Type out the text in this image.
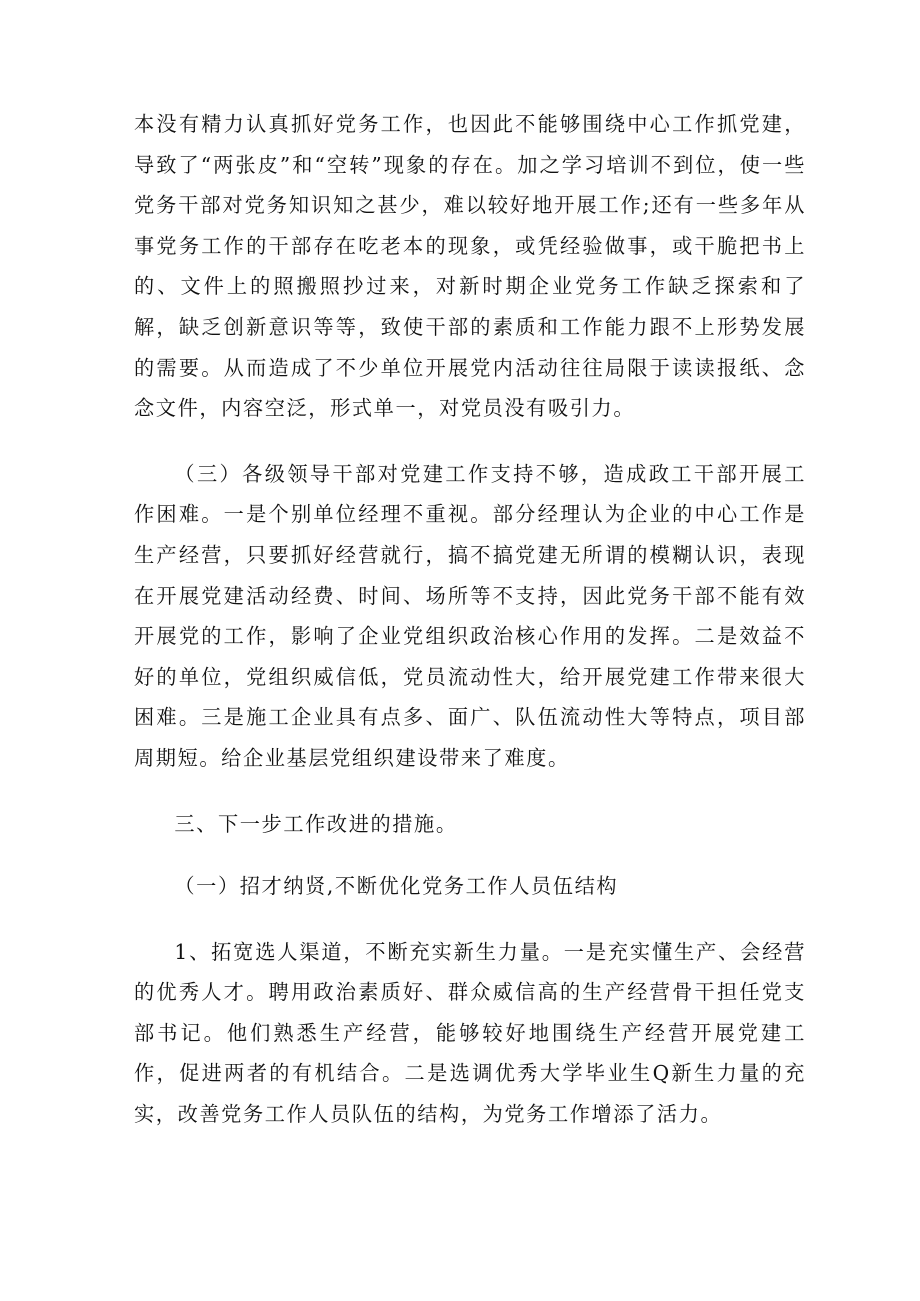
本没有精力认真抓好党务工作，也因此不能够围绕中心工作抓党建，导致了“两张皮”和“空转”现象的存在。加之学习培训不到位，使一些党务干部对党务知识知之甚少，难以较好地开展工作;还有一些多年从事党务工作的干部存在吃老本的现象，或凭经验做事，或干脆把书上的、文件上的照搬照抄过来，对新时期企业党务工作缺乏探索和了解，缺乏创新意识等等，致使干部的素质和工作能力跟不上形势发展的需要。从而造成了不少单位开展党内活动往往局限于读读报纸、念念文件，内容空泛，形式单一，对党员没有吸引力。

（三）各级领导干部对党建工作支持不够，造成政工干部开展工作困难。一是个别单位经理不重视。部分经理认为企业的中心工作是生产经营，只要抓好经营就行，搞不搞党建无所谓的模糊认识，表现在开展党建活动经费、时间、场所等不支持，因此党务干部不能有效开展党的工作，影响了企业党组织政治核心作用的发挥。二是效益不好的单位，党组织威信低，党员流动性大，给开展党建工作带来很大困难。三是施工企业具有点多、面广、队伍流动性大等特点，项目部周期短。给企业基层党组织建设带来了难度。

三、下一步工作改进的措施。

（一）招才纳贤,不断优化党务工作人员伍结构

1、拓宽选人渠道，不断充实新生力量。一是充实懂生产、会经营的优秀人才。聘用政治素质好、群众威信高的生产经营骨干担任党支部书记。他们熟悉生产经营，能够较好地围绕生产经营开展党建工作，促进两者的有机结合。二是选调优秀大学毕业生Q新生力量的充实，改善党务工作人员队伍的结构，为党务工作增添了活力。
